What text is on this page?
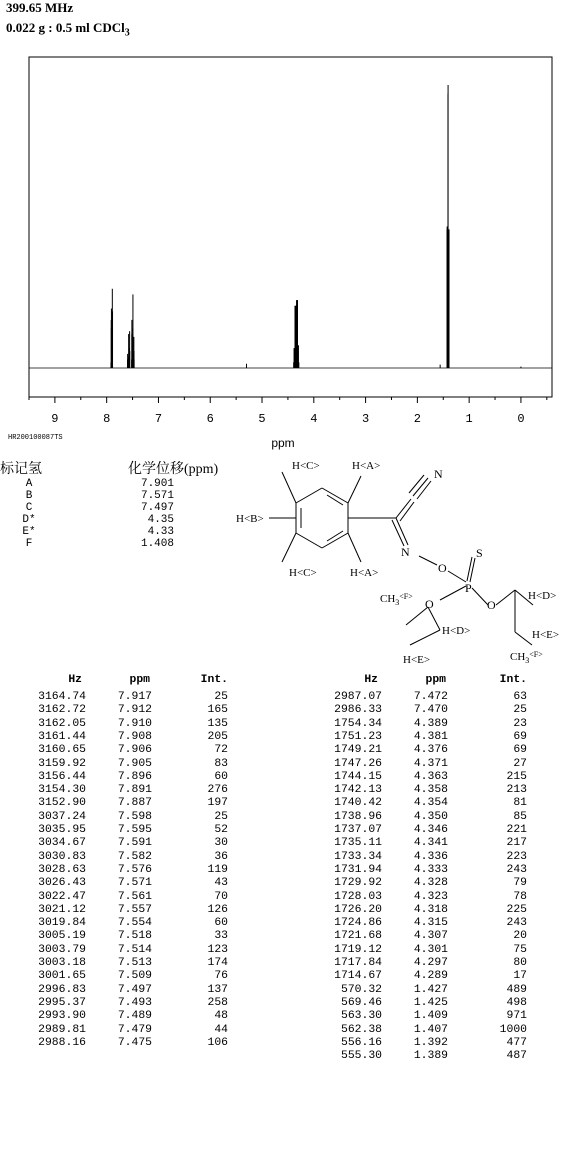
399.65 MHz
0.022 g : 0.5 ml CDCl$_3$
9	8	7	6	5	4	3	2	1	0
ppm
HR200100087TS
标记氢	化学位移(ppm)
A	7.901
B	7.571
C	7.497
D*	4.35
E*	4.33
F	1.408
H<C>	H<A>
H<B>
H<C>	H<A>
N
N
O
P
S
O	O
$CH_3^{<F>}$
H<D>
H<E>
H<D>
H<E>
$CH_3^{<F>}$
Hz	ppm	Int.
3164.74	7.917	25
3162.72	7.912	165
3162.05	7.910	135
3161.44	7.908	205
3160.65	7.906	72
3159.92	7.905	83
3156.44	7.896	60
3154.30	7.891	276
3152.90	7.887	197
3037.24	7.598	25
3035.95	7.595	52
3034.67	7.591	30
3030.83	7.582	36
3028.63	7.576	119
3026.43	7.571	43
3022.47	7.561	70
3021.12	7.557	126
3019.84	7.554	60
3005.19	7.518	33
3003.79	7.514	123
3003.18	7.513	174
3001.65	7.509	76
2996.83	7.497	137
2995.37	7.493	258
2993.90	7.489	48
2989.81	7.479	44
2988.16	7.475	106
Hz	ppm	Int.
2987.07	7.472	63
2986.33	7.470	25
1754.34	4.389	23
1751.23	4.381	69
1749.21	4.376	69
1747.26	4.371	27
1744.15	4.363	215
1742.13	4.358	213
1740.42	4.354	81
1738.96	4.350	85
1737.07	4.346	221
1735.11	4.341	217
1733.34	4.336	223
1731.94	4.333	243
1729.92	4.328	79
1728.03	4.323	78
1726.20	4.318	225
1724.86	4.315	243
1721.68	4.307	20
1719.12	4.301	75
1717.84	4.297	80
1714.67	4.289	17
570.32	1.427	489
569.46	1.425	498
563.30	1.409	971
562.38	1.407	1000
556.16	1.392	477
555.30	1.389	487
